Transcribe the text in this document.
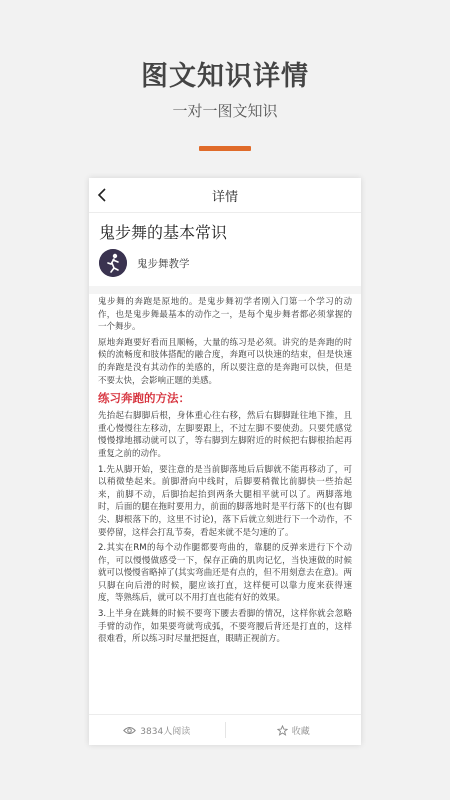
图文知识详情
一对一图文知识
详情
鬼步舞的基本常识
鬼步舞教学

鬼步舞的奔跑是原地的。是鬼步舞初学者刚入门第一个学习的动作，也是鬼步舞最基本的动作之一，是每个鬼步舞者都必须掌握的一个舞步。

原地奔跑要好看而且顺畅，大量的练习是必须。讲究的是奔跑的时候的流畅度和肢体搭配的融合度，奔跑可以快速的结束，但是快速的奔跑是没有其动作的美感的，所以要注意的是奔跑可以快，但是不要太快，会影响正题的美感。

练习奔跑的方法：

先抬起右脚脚后根，身体重心往右移，然后右脚脚趾往地下推，且重心慢慢往左移动，左脚要跟上，不过左脚不要使劲。只要凭感觉慢慢撑地挪动就可以了，等右脚到左脚附近的时候把右脚根抬起再重复之前的动作。

1.先从脚开始，要注意的是当前脚落地后后脚就不能再移动了，可以稍微垫起来。前脚滑向中线时，后脚要稍微比前脚快一些抬起来，前脚不动，后脚抬起抬到两条大腿相平就可以了。两脚落地时，后面的腿在拖时要用力，前面的脚落地时是平行落下的(也有脚尖、脚根落下的，这里不讨论)，落下后就立刻进行下一个动作，不要停留，这样会打乱节奏，看起来就不是匀速的了。

2.其实在RM的每个动作腿都要弯曲的，靠腿的反弹来进行下个动作，可以慢慢做感受一下，保存正确的肌肉记忆，当快速做的时候就可以慢慢省略掉了(其实弯曲还是有点的，但不用刻意去在意)。两只脚在向后滑的时候，腿应该打直，这样便可以靠力度来获得速度，等熟练后，就可以不用打直也能有好的效果。

3.上半身在跳舞的时候不要弯下腰去看脚的情况，这样你就会忽略手臂的动作，如果要弯就弯成弧，不要弯腰后背还是打直的，这样很难看，所以练习时尽量把挺直，眼睛正视前方。

3834人阅读	收藏
